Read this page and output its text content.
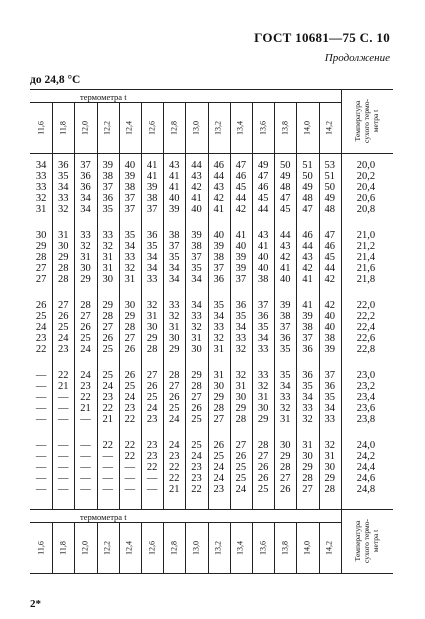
ГОСТ 10681—75 С. 10
Продолжение
до 24,8 °С
термометра t
11,6 11,8 12,0 12,2 12,4 12,6 12,8 13,0 13,2 13,4 13,6 13,8 14,0 14,2	Температура сухого термо- метра t
термометра t
11,6 11,8 12,0 12,2 12,4 12,6 12,8 13,0 13,2 13,4 13,6 13,8 14,0 14,2	Температура сухого термо- метра t
34	36	37	39	40	41	43	44	46	47	49	50	51	53	20,0
33	35	36	38	39	41	41	43	44	46	47	49	50	51	20,2
33	34	36	37	38	39	41	42	43	45	46	48	49	50	20,4
32	33	34	36	37	38	40	41	42	44	45	47	48	49	20,6
31	32	34	35	37	37	39	40	41	42	44	45	47	48	20,8
30	31	33	33	35	36	38	39	40	41	43	44	46	47	21,0
29	30	32	32	34	35	37	38	39	40	41	43	44	46	21,2
28	29	31	31	33	34	35	37	38	39	40	42	43	45	21,4
27	28	30	31	32	34	34	35	37	39	40	41	42	44	21,6
27	28	29	30	31	33	34	34	36	37	38	40	41	42	21,8
26	27	28	29	30	32	33	34	35	36	37	39	41	42	22,0
25	26	27	28	29	31	32	33	34	35	36	38	39	40	22,2
24	25	26	27	28	30	31	32	33	34	35	37	38	40	22,4
23	24	25	26	27	29	30	31	32	33	34	36	37	38	22,6
22	23	24	25	26	28	29	30	31	32	33	35	36	39	22,8
—	22	24	25	26	27	28	29	31	32	33	35	36	37	23,0
—	21	23	24	25	26	27	28	30	31	32	34	35	36	23,2
—	—	22	23	24	25	26	27	29	30	31	33	34	35	23,4
—	—	21	22	23	24	25	26	28	29	30	32	33	34	23,6
—	—	—	21	22	23	24	25	27	28	29	31	32	33	23,8
—	—	—	22	22	23	24	25	26	27	28	30	31	32	24,0
—	—	—	—	22	23	23	24	25	26	27	29	30	31	24,2
—	—	—	—	—	22	22	23	24	25	26	28	29	30	24,4
—	—	—	—	—	—	22	23	24	25	26	27	28	29	24,6
—	—	—	—	—	—	21	22	23	24	25	26	27	28	24,8
2*
